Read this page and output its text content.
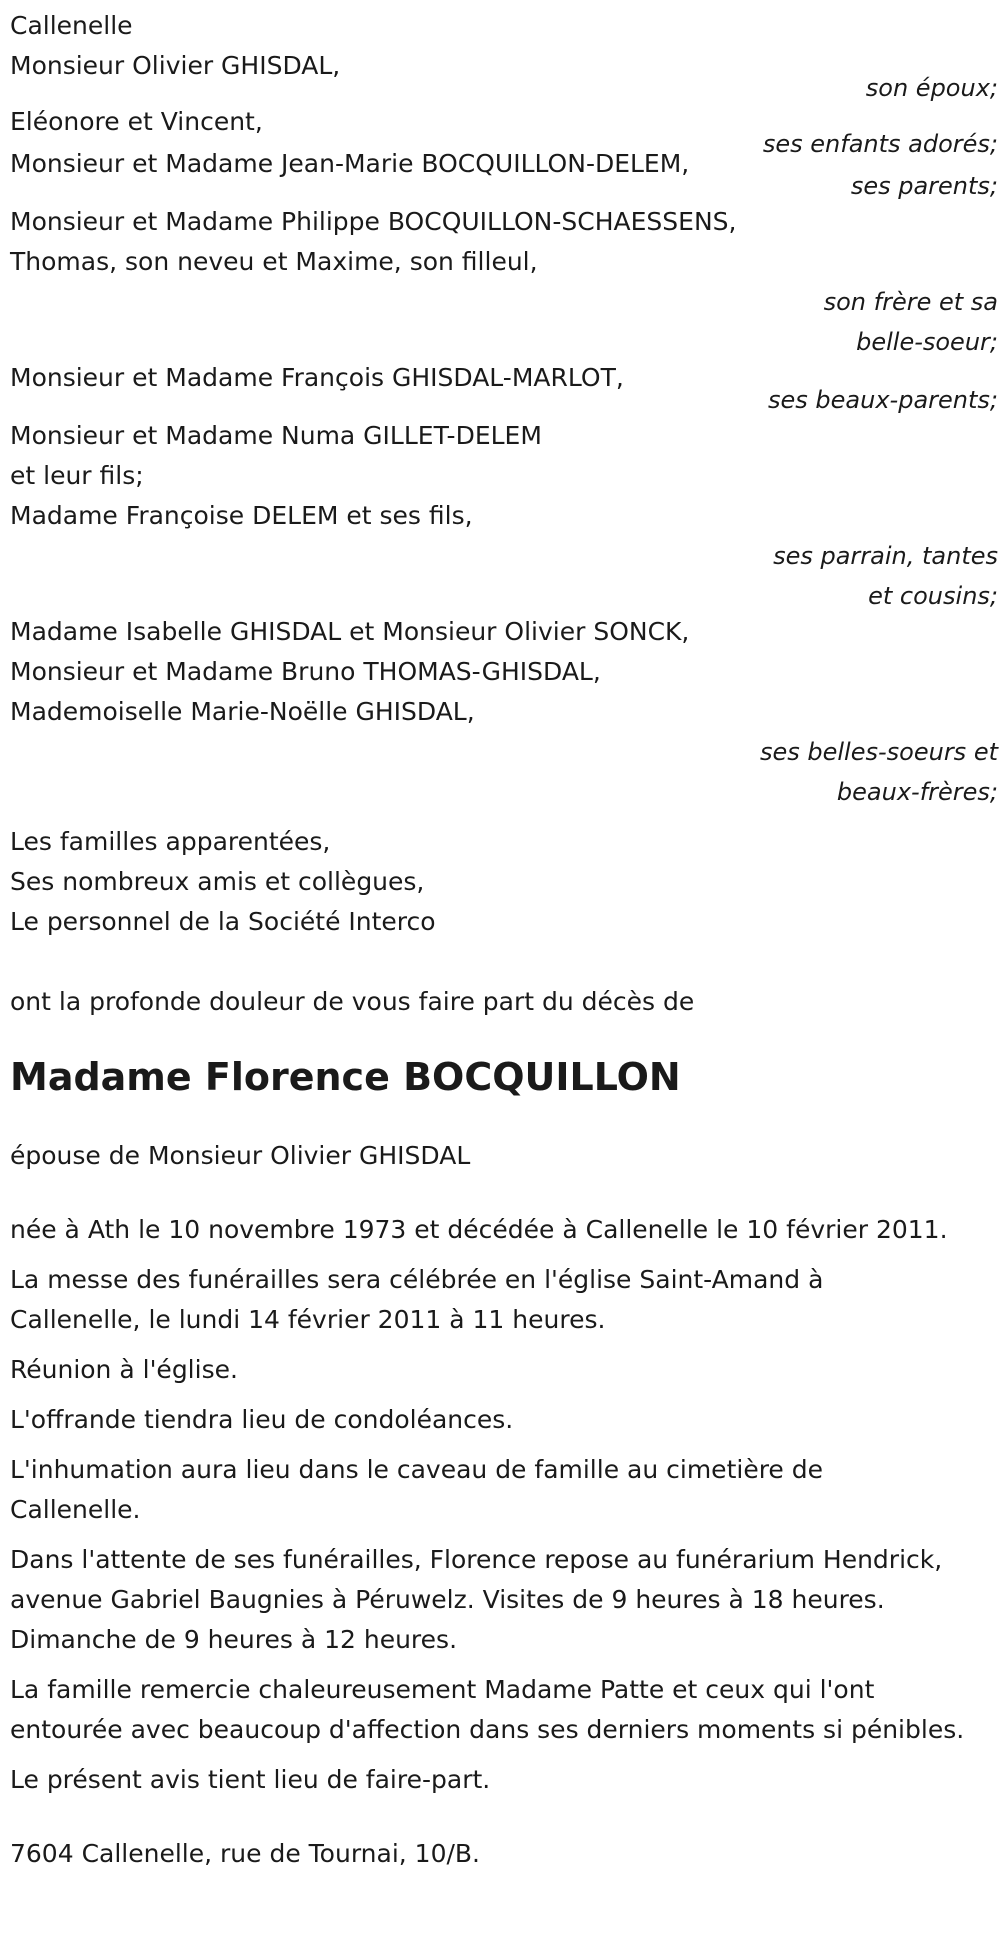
Callenelle
Monsieur Olivier GHISDAL,
son époux;
Eléonore et Vincent,
ses enfants adorés;
Monsieur et Madame Jean-Marie BOCQUILLON-DELEM,
ses parents;
Monsieur et Madame Philippe BOCQUILLON-SCHAESSENS,
Thomas, son neveu et Maxime, son filleul,
son frère et sa
belle-soeur;
Monsieur et Madame François GHISDAL-MARLOT,
ses beaux-parents;
Monsieur et Madame Numa GILLET-DELEM
et leur fils;
Madame Françoise DELEM et ses fils,
ses parrain, tantes
et cousins;
Madame Isabelle GHISDAL et Monsieur Olivier SONCK,
Monsieur et Madame Bruno THOMAS-GHISDAL,
Mademoiselle Marie-Noëlle GHISDAL,
ses belles-soeurs et
beaux-frères;
Les familles apparentées,
Ses nombreux amis et collègues,
Le personnel de la Société Interco
ont la profonde douleur de vous faire part du décès de
Madame Florence BOCQUILLON
épouse de Monsieur Olivier GHISDAL

née à Ath le 10 novembre 1973 et décédée à Callenelle le 10 février 2011.

La messe des funérailles sera célébrée en l'église Saint-Amand à Callenelle, le lundi 14 février 2011 à 11 heures.

Réunion à l'église.

L'offrande tiendra lieu de condoléances.

L'inhumation aura lieu dans le caveau de famille au cimetière de Callenelle.

Dans l'attente de ses funérailles, Florence repose au funérarium Hendrick, avenue Gabriel Baugnies à Péruwelz. Visites de 9 heures à 18 heures. Dimanche de 9 heures à 12 heures.

La famille remercie chaleureusement Madame Patte et ceux qui l'ont entourée avec beaucoup d'affection dans ses derniers moments si pénibles.

Le présent avis tient lieu de faire-part.

7604 Callenelle, rue de Tournai, 10/B.
